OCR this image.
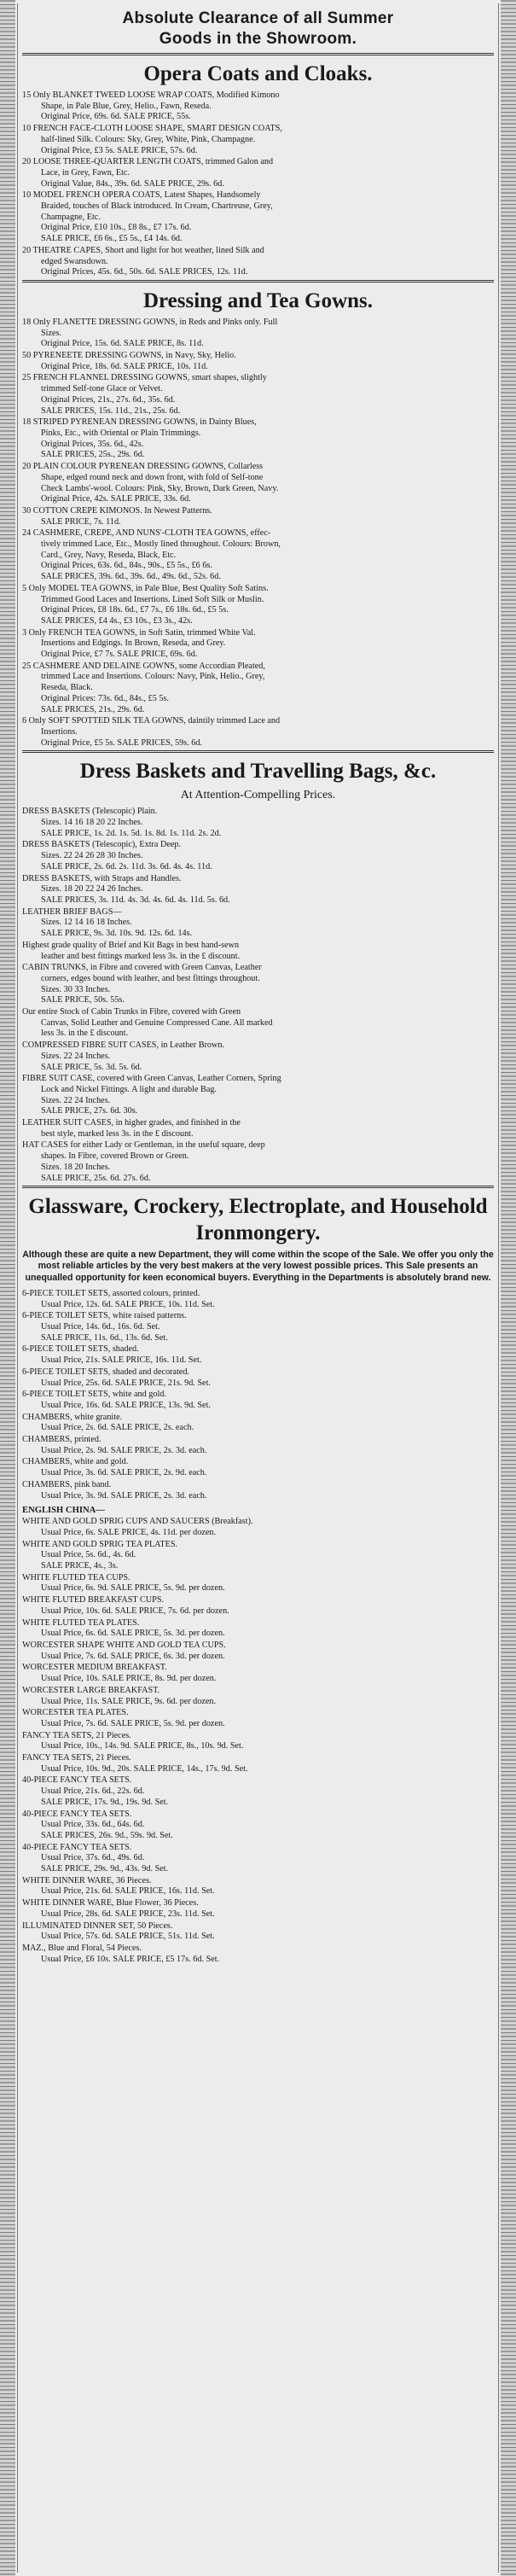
Absolute Clearance of all Summer
Goods in the Showroom.
Opera Coats and Cloaks.
15 Only BLANKET TWEED LOOSE WRAP COATS, Modified Kimono
Shape, in Pale Blue, Grey, Helio., Fawn, Reseda.
Original Price, 69s. 6d. SALE PRICE, 55s.
10 FRENCH FACE-CLOTH LOOSE SHAPE, SMART DESIGN COATS,
half-lined Silk. Colours: Sky, Grey, White, Pink, Champagne.
Original Price, £3 5s. SALE PRICE, 57s. 6d.
20 LOOSE THREE-QUARTER LENGTH COATS, trimmed Galon and
Lace, in Grey, Fawn, Etc.
Original Value, 84s., 39s. 6d. SALE PRICE, 29s. 6d.
10 MODEL FRENCH OPERA COATS, Latest Shapes, Handsomely
Braided, touches of Black introduced. In Cream, Chartreuse, Grey,
Champagne, Etc.
Original Price, £10 10s., £8 8s., £7 17s. 6d.
SALE PRICE, £6 6s., £5 5s., £4 14s. 6d.
20 THEATRE CAPES, Short and light for hot weather, lined Silk and
edged Swansdown.
Original Prices, 45s. 6d., 50s. 6d. SALE PRICES, 12s. 11d.
Dressing and Tea Gowns.
18 Only FLANETTE DRESSING GOWNS, in Reds and Pinks only. Full
Sizes.
Original Price, 15s. 6d. SALE PRICE, 8s. 11d.
50 PYRENEETE DRESSING GOWNS, in Navy, Sky, Helio.
Original Price, 18s. 6d. SALE PRICE, 10s. 11d.
25 FRENCH FLANNEL DRESSING GOWNS, smart shapes, slightly
trimmed Self-tone Glace or Velvet.
Original Prices, 21s., 27s. 6d., 35s. 6d.
SALE PRICES, 15s. 11d., 21s., 25s. 6d.
18 STRIPED PYRENEAN DRESSING GOWNS, in Dainty Blues,
Pinks, Etc., with Oriental or Plain Trimmings.
Original Prices, 35s. 6d., 42s.
SALE PRICES, 25s., 29s. 6d.
20 PLAIN COLOUR PYRENEAN DRESSING GOWNS, Collarless
Shape, edged round neck and down front, with fold of Self-tone
Check Lambs'-wool. Colours: Pink, Sky, Brown, Dark Green, Navy.
Original Price, 42s. SALE PRICE, 33s. 6d.
30 COTTON CREPE KIMONOS. In Newest Patterns.
SALE PRICE, 7s. 11d.
24 CASHMERE, CREPE, AND NUNS'-CLOTH TEA GOWNS, effec-
tively trimmed Lace, Etc., Mostly lined throughout. Colours: Brown,
Card., Grey, Navy, Reseda, Black, Etc.
Original Prices, 63s. 6d., 84s., 90s., £5 5s., £6 6s.
SALE PRICES, 39s. 6d., 39s. 6d., 49s. 6d., 52s. 6d.
5 Only MODEL TEA GOWNS, in Pale Blue, Best Quality Soft Satins.
Trimmed Good Laces and Insertions. Lined Soft Silk or Muslin.
Original Prices, £8 18s. 6d., £7 7s., £6 18s. 6d., £5 5s.
SALE PRICES, £4 4s., £3 10s., £3 3s., 42s.
3 Only FRENCH TEA GOWNS, in Soft Satin, trimmed White Val.
Insertions and Edgings. In Brown, Reseda, and Grey.
Original Price, £7 7s. SALE PRICE, 69s. 6d.
25 CASHMERE AND DELAINE GOWNS, some Accordian Pleated,
trimmed Lace and Insertions. Colours: Navy, Pink, Helio., Grey,
Reseda, Black.
Original Prices: 73s. 6d., 84s., £5 5s.
SALE PRICES, 21s., 29s. 6d.
6 Only SOFT SPOTTED SILK TEA GOWNS, daintily trimmed Lace and
Insertions.
Original Price, £5 5s. SALE PRICES, 59s. 6d.
Dress Baskets and Travelling Bags, &c.
At Attention-Compelling Prices.
DRESS BASKETS (Telescopic) Plain.
Sizes. 14 16 18 20 22 Inches.
SALE PRICE, 1s. 2d. 1s. 5d. 1s. 8d. 1s. 11d. 2s. 2d.
DRESS BASKETS (Telescopic), Extra Deep.
Sizes. 22 24 26 28 30 Inches.
SALE PRICE, 2s. 6d. 2s. 11d. 3s. 6d. 4s. 4s. 11d.
DRESS BASKETS, with Straps and Handles.
Sizes. 18 20 22 24 26 Inches.
SALE PRICES, 3s. 11d. 4s. 3d. 4s. 6d. 4s. 11d. 5s. 6d.
LEATHER BRIEF BAGS—
Sizes. 12 14 16 18 Inches.
SALE PRICE, 9s. 3d. 10s. 9d. 12s. 6d. 14s.
Highest grade quality of Brief and Kit Bags in best hand-sewn
leather and best fittings marked less 3s. in the £ discount.
CABIN TRUNKS, in Fibre and covered with Green Canvas, Leather
corners, edges bound with leather, and best fittings throughout.
Sizes. 30 33 Inches.
SALE PRICE, 50s. 55s.
Our entire Stock of Cabin Trunks in Fibre, covered with Green
Canvas, Solid Leather and Genuine Compressed Cane. All marked
less 3s. in the £ discount.
COMPRESSED FIBRE SUIT CASES, in Leather Brown.
Sizes. 22 24 Inches.
SALE PRICE, 5s. 3d. 5s. 6d.
FIBRE SUIT CASE, covered with Green Canvas, Leather Corners, Spring
Lock and Nickel Fittings. A light and durable Bag.
Sizes. 22 24 Inches.
SALE PRICE, 27s. 6d. 30s.
LEATHER SUIT CASES, in higher grades, and finished in the
best style, marked less 3s. in the £ discount.
HAT CASES for either Lady or Gentleman, in the useful square, deep
shapes. In Fibre, covered Brown or Green.
Sizes. 18 20 Inches.
SALE PRICE, 25s. 6d. 27s. 6d.
Glassware, Crockery, Electroplate, and Household Ironmongery.
Although these are quite a new Department, they will come within the scope of the Sale. We offer you only the most reliable articles by the very best makers at the very lowest possible prices. This Sale presents an unequalled opportunity for keen economical buyers. Everything in the Departments is absolutely brand new.
6-PIECE TOILET SETS, assorted colours, printed.
Usual Price, 12s. 6d. SALE PRICE, 10s. 11d. Set.
6-PIECE TOILET SETS, white raised patterns.
Usual Price, 14s. 6d., 16s. 6d. Set.
SALE PRICE, 11s. 6d., 13s. 6d. Set.
6-PIECE TOILET SETS, shaded.
Usual Price, 21s. SALE PRICE, 16s. 11d. Set.
6-PIECE TOILET SETS, shaded and decorated.
Usual Price, 25s. 6d. SALE PRICE, 21s. 9d. Set.
6-PIECE TOILET SETS, white and gold.
Usual Price, 16s. 6d. SALE PRICE, 13s. 9d. Set.
CHAMBERS, white granite.
Usual Price, 2s. 6d. SALE PRICE, 2s. each.
CHAMBERS, printed.
Usual Price, 2s. 9d. SALE PRICE, 2s. 3d. each.
CHAMBERS, white and gold.
Usual Price, 3s. 6d. SALE PRICE, 2s. 9d. each.
CHAMBERS, pink band.
Usual Price, 3s. 9d. SALE PRICE, 2s. 3d. each.
ENGLISH CHINA—
WHITE AND GOLD SPRIG CUPS AND SAUCERS (Breakfast).
Usual Price, 6s. SALE PRICE, 4s. 11d. per dozen.
WHITE AND GOLD SPRIG TEA PLATES.
Usual Price, 5s. 6d., 4s. 6d.
SALE PRICE, 4s., 3s.
WHITE FLUTED TEA CUPS.
Usual Price, 6s. 9d. SALE PRICE, 5s. 9d. per dozen.
WHITE FLUTED BREAKFAST CUPS.
Usual Price, 10s. 6d. SALE PRICE, 7s. 6d. per dozen.
WHITE FLUTED TEA PLATES.
Usual Price, 6s. 6d. SALE PRICE, 5s. 3d. per dozen.
WORCESTER SHAPE WHITE AND GOLD TEA CUPS.
Usual Price, 7s. 6d. SALE PRICE, 6s. 3d. per dozen.
WORCESTER MEDIUM BREAKFAST.
Usual Price, 10s. SALE PRICE, 8s. 9d. per dozen.
WORCESTER LARGE BREAKFAST.
Usual Price, 11s. SALE PRICE, 9s. 6d. per dozen.
WORCESTER TEA PLATES.
Usual Price, 7s. 6d. SALE PRICE, 5s. 9d. per dozen.
FANCY TEA SETS, 21 Pieces.
Usual Price, 10s., 14s. 9d. SALE PRICE, 8s., 10s. 9d. Set.
FANCY TEA SETS, 21 Pieces.
Usual Price, 10s. 9d., 20s. SALE PRICE, 14s., 17s. 9d. Set.
40-PIECE FANCY TEA SETS.
Usual Price, 21s. 6d., 22s. 6d.
SALE PRICE, 17s. 9d., 19s. 9d. Set.
40-PIECE FANCY TEA SETS.
Usual Price, 33s. 6d., 64s. 6d.
SALE PRICES, 26s. 9d., 59s. 9d. Set.
40-PIECE FANCY TEA SETS.
Usual Price, 37s. 6d., 49s. 6d.
SALE PRICE, 29s. 9d., 43s. 9d. Set.
WHITE DINNER WARE, 36 Pieces.
Usual Price, 21s. 6d. SALE PRICE, 16s. 11d. Set.
WHITE DINNER WARE, Blue Flower, 36 Pieces.
Usual Price, 28s. 6d. SALE PRICE, 23s. 11d. Set.
ILLUMINATED DINNER SET, 50 Pieces.
Usual Price, 57s. 6d. SALE PRICE, 51s. 11d. Set.
MAZ., Blue and Floral, 54 Pieces.
Usual Price, £6 10s. SALE PRICE, £5 17s. 6d. Set.
